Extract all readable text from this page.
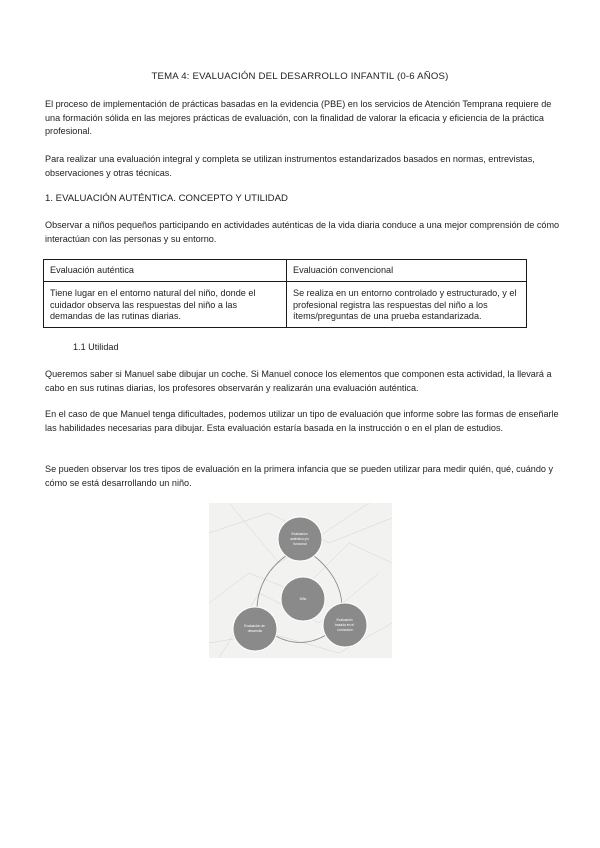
TEMA 4: EVALUACIÓN DEL DESARROLLO INFANTIL (0-6 AÑOS)
El proceso de implementación de prácticas basadas en la evidencia (PBE) en los servicios de Atención Temprana requiere de una formación sólida en las mejores prácticas de evaluación, con la finalidad de valorar la eficacia y eficiencia de la práctica profesional.
Para realizar una evaluación integral y completa se utilizan instrumentos estandarizados basados en normas, entrevistas, observaciones y otras técnicas.
1. EVALUACIÓN AUTÉNTICA. CONCEPTO Y UTILIDAD
Observar a niños pequeños participando en actividades auténticas de la vida diaria conduce a una mejor comprensión de cómo interactúan con las personas y su entorno.
Evaluación auténtica	Evaluación convencional
Tiene lugar en el entorno natural del niño, donde el cuidador observa las respuestas del niño a las demandas de las rutinas diarias.	Se realiza en un entorno controlado y estructurado, y el profesional registra las respuestas del niño a los ítems/preguntas de una prueba estandarizada.
1.1 Utilidad
Queremos saber si Manuel sabe dibujar un coche. Si Manuel conoce los elementos que componen esta actividad, la llevará a cabo en sus rutinas diarias, los profesores observarán y realizarán una evaluación auténtica.
En el caso de que Manuel tenga dificultades, podemos utilizar un tipo de evaluación que informe sobre las formas de enseñarle las habilidades necesarias para dibujar. Esta evaluación estaría basada en la instrucción o en el plan de estudios.
Se pueden observar los tres tipos de evaluación en la primera infancia que se pueden utilizar para medir quién, qué, cuándo y cómo se está desarrollando un niño.
Evaluación auténtica y/o funcional
Evaluación de desarrollo
Evaluación basada en el currículum
Niño
